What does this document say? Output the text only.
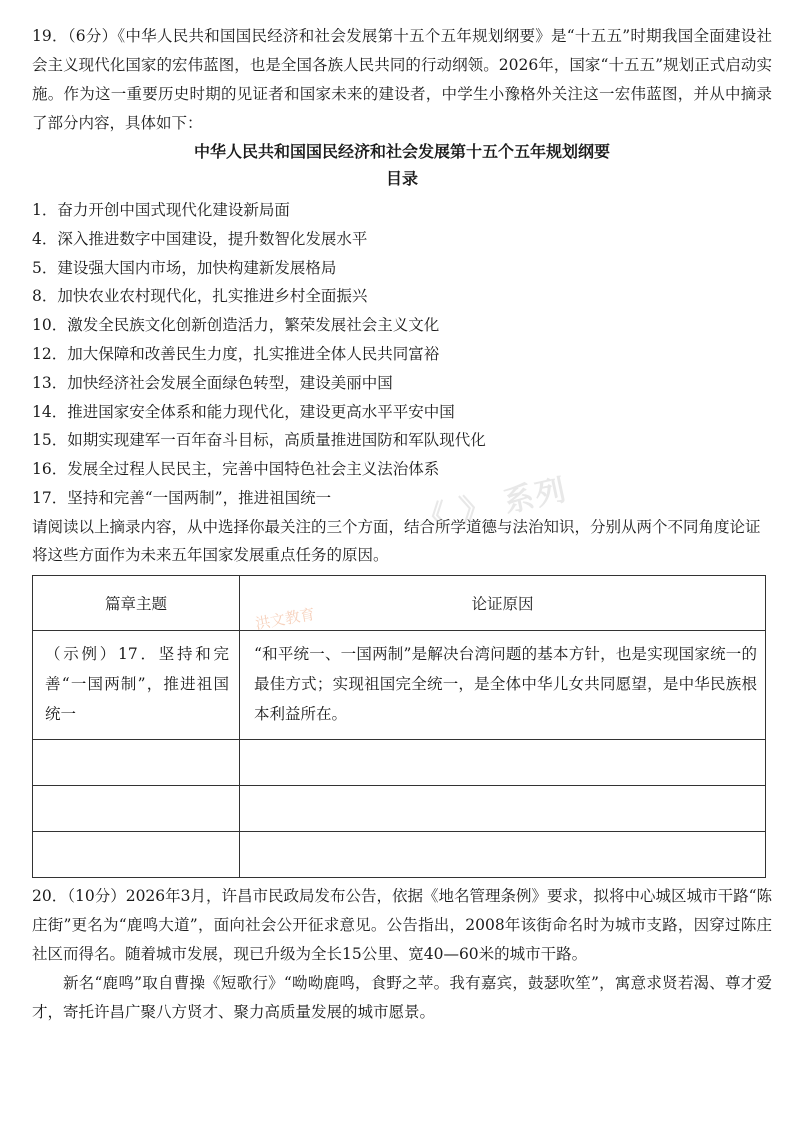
19．（6分）《中华人民共和国国民经济和社会发展第十五个五年规划纲要》是“十五五”时期我国全面建设社会主义现代化国家的宏伟蓝图，也是全国各族人民共同的行动纲领。2026年，国家“十五五”规划正式启动实施。作为这一重要历史时期的见证者和国家未来的建设者，中学生小豫格外关注这一宏伟蓝图，并从中摘录了部分内容，具体如下：

中华人民共和国国民经济和社会发展第十五个五年规划纲要

目录

1．奋力开创中国式现代化建设新局面

4．深入推进数字中国建设，提升数智化发展水平

5．建设强大国内市场，加快构建新发展格局

8．加快农业农村现代化，扎实推进乡村全面振兴

10．激发全民族文化创新创造活力，繁荣发展社会主义文化

12．加大保障和改善民生力度，扎实推进全体人民共同富裕

13．加快经济社会发展全面绿色转型，建设美丽中国

14．推进国家安全体系和能力现代化，建设更高水平平安中国

15．如期实现建军一百年奋斗目标，高质量推进国防和军队现代化

16．发展全过程人民民主，完善中国特色社会主义法治体系

17．坚持和完善“一国两制”，推进祖国统一

请阅读以上摘录内容，从中选择你最关注的三个方面，结合所学道德与法治知识，分别从两个不同角度论证将这些方面作为未来五年国家发展重点任务的原因。

篇章主题	论证原因

（示例）17．坚持和完善“一国两制”，推进祖国统一	“和平统一、一国两制”是解决台湾问题的基本方针，也是实现国家统一的最佳方式；实现祖国完全统一，是全体中华儿女共同愿望，是中华民族根本利益所在。

20．（10分）2026年3月，许昌市民政局发布公告，依据《地名管理条例》要求，拟将中心城区城市干路“陈庄街”更名为“鹿鸣大道”，面向社会公开征求意见。公告指出，2008年该街命名时为城市支路，因穿过陈庄社区而得名。随着城市发展，现已升级为全长15公里、宽40—60米的城市干路。

新名“鹿鸣”取自曹操《短歌行》“呦呦鹿鸣，食野之苹。我有嘉宾，鼓瑟吹笙”，寓意求贤若渴、尊才爱才，寄托许昌广聚八方贤才、聚力高质量发展的城市愿景。

《 》 系列
洪文教育
